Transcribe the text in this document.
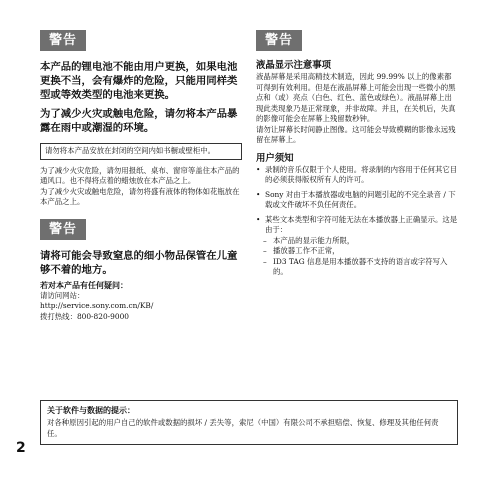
警告

本产品的锂电池不能由用户更换，如果电池更换不当，会有爆炸的危险，只能用同样类型或等效类型的电池来更换。

为了减少火灾或触电危险，请勿将本产品暴露在雨中或潮湿的环境。

请勿将本产品安放在封闭的空间内如书橱或壁柜中。

为了减少火灾危险，请勿用报纸、桌布、窗帘等盖住本产品的通风口。也不得将点着的蜡烛放在本产品之上。

为了减少火灾或触电危险，请勿将盛有液体的物体如花瓶放在本产品之上。

警告

请将可能会导致窒息的细小物品保管在儿童够不着的地方。

若对本产品有任何疑问：

请访问网站：

http://service.sony.com.cn/KB/

拨打热线：800-820-9000

警告

液晶显示注意事项

液晶屏幕是采用高精技术制造，因此 99.99% 以上的像素都可得到有效利用。但是在液晶屏幕上可能会出现一些微小的黑点和（或）亮点（白色、红色、蓝色或绿色）。液晶屏幕上出现此类现象乃是正常现象，并非故障。并且，在关机后，失真的影像可能会在屏幕上残留数秒钟。

请勿让屏幕长时间静止图像。这可能会导致模糊的影像永远残留在屏幕上。

用户须知

• 录制的音乐仅限于个人使用。将录制的内容用于任何其它目的必须获得版权所有人的许可。
• Sony 对由于本播放器或电脑的问题引起的不完全录音 / 下载或文件破坏不负任何责任。
• 某些文本类型和字符可能无法在本播放器上正确显示。这是由于：
– 本产品的显示能力所限，
– 播放器工作不正常，
– ID3 TAG 信息是用本播放器不支持的语言或字符写入的。

关于软件与数据的提示：

对各种原因引起的用户自己的软件或数据的损坏 / 丢失等，索尼（中国）有限公司不承担赔偿、恢复、修理及其他任何责任。

2
